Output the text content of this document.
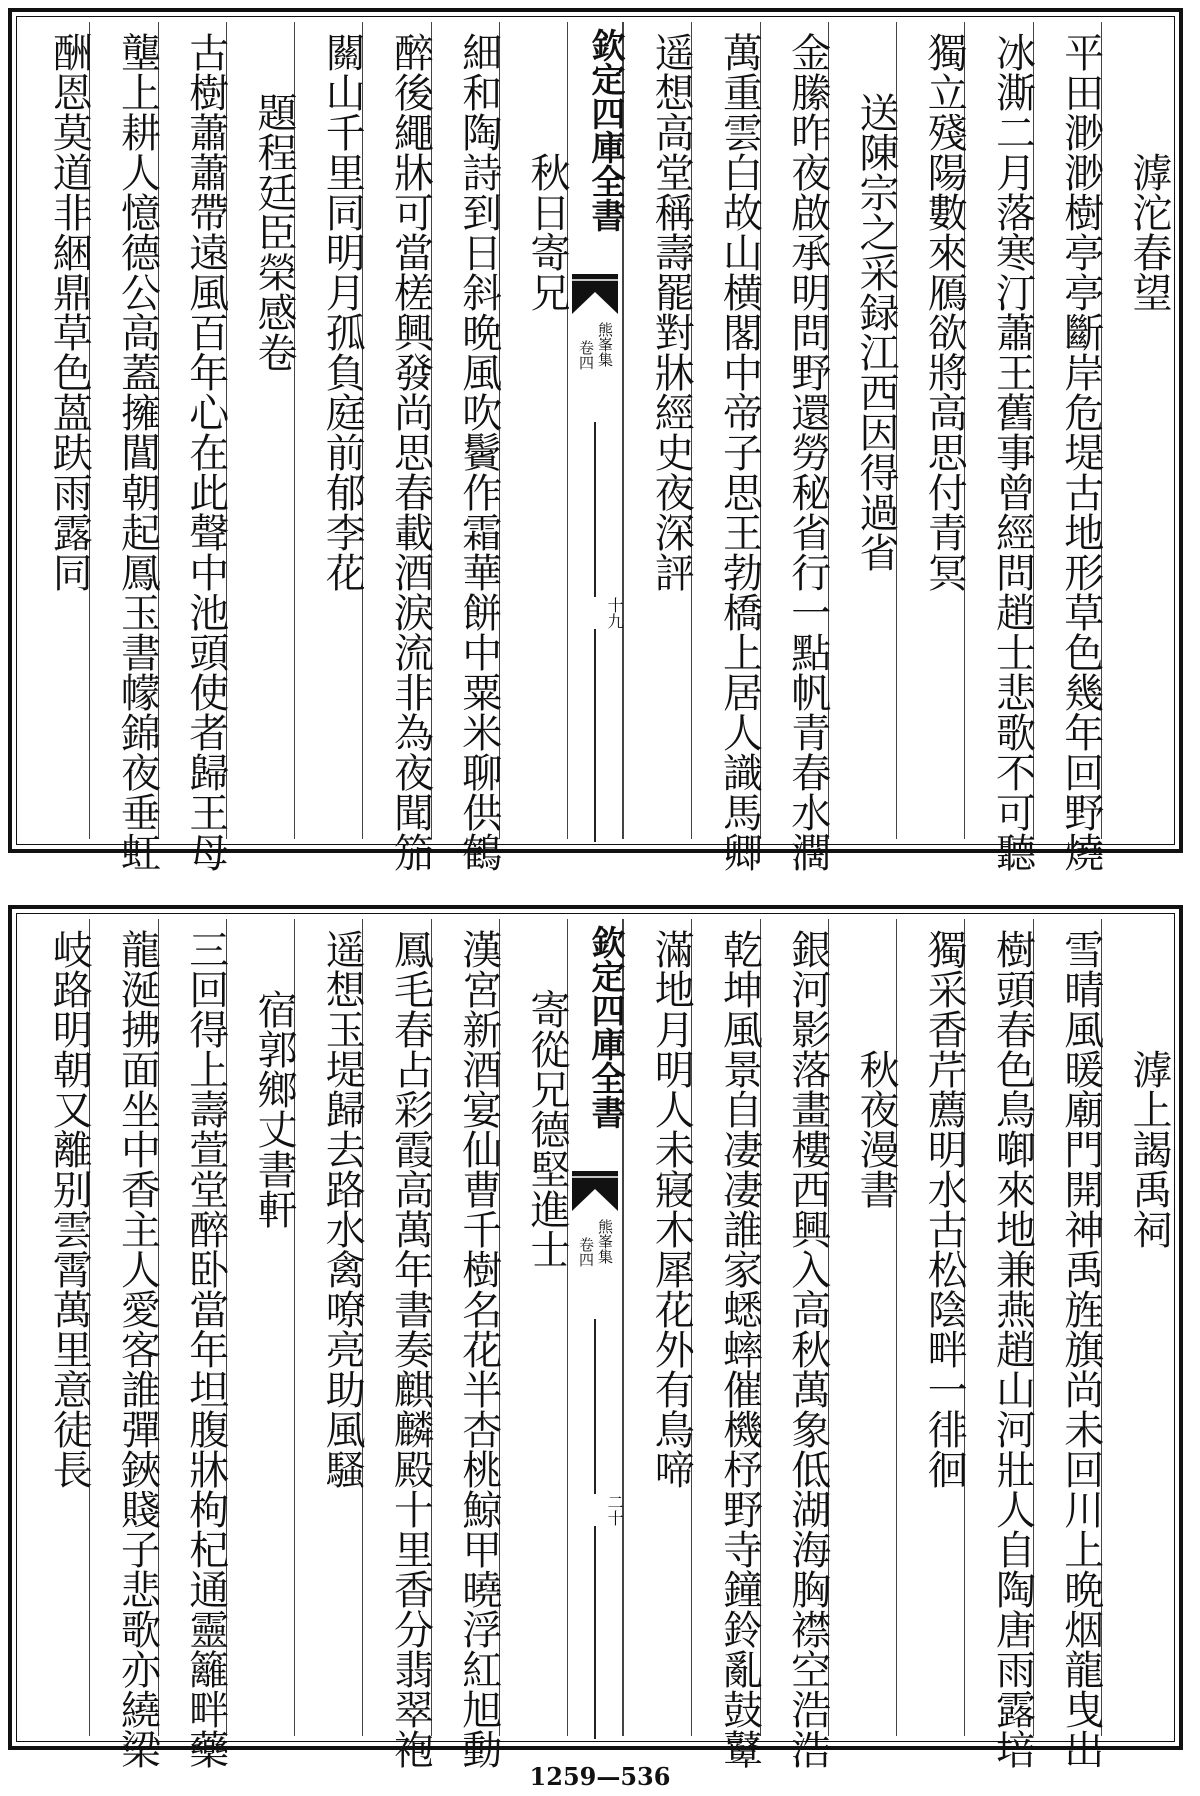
滹沱春望
平田渺渺樹亭亭斷岸危堤古地形草色幾年回野燒
冰澌二月落寒汀蕭王舊事曾經問趙士悲歌不可聽
獨立殘陽數來鴈欲將高思付青冥
送陳宗之采録江西因得過省
金縢昨夜啟承明問野還勞秘省行一點帆青春水濶
萬重雲白故山横閣中帝子思王勃橋上居人識馬卿
遥想高堂稱壽罷對牀經史夜深評
欽定四庫全書
熊峯集
卷四
十九
秋日寄兄
細和陶詩到日斜晩風吹鬢作霜華餅中粟米聊供鶴
醉後繩牀可當槎興發尚思春載酒淚流非為夜聞笳
關山千里同明月孤負庭前郁李花
題程廷臣榮感卷
古樹蕭蕭帶遠風百年心在此聲中池頭使者歸王母
壟上耕人憶德公高蓋擁閶朝起鳳玉書幪錦夜垂虹
酬恩莫道非綑鼎草色蒕趺雨露同
滹上謁禹祠
雪晴風暖廟門開神禹旌旗尚未回川上晩烟龍曳出
樹頭春色鳥啣來地兼燕趙山河壯人自陶唐雨露培
獨采香芹薦明水古松陰畔一徘徊
秋夜漫書
銀河影落畫樓西興入高秋萬象低湖海胸襟空浩浩
乾坤風景自凄凄誰家蟋蟀催機杼野寺鐘鈴亂鼓鼙
滿地月明人未寢木犀花外有鳥啼
欽定四庫全書
熊峯集
卷四
二十
寄從兄德堅進士
漢宮新酒宴仙曹千樹名花半杏桃鯨甲曉浮紅旭動
鳳毛春占彩霞高萬年書奏麒麟殿十里香分翡翠袍
遥想玉堤歸去路水禽嘹亮助風騷
宿郭鄉丈書軒
三回得上壽萱堂醉卧當年坦腹牀枸杞通靈籬畔藥
龍涎拂面坐中香主人愛客誰彈鋏賤子悲歌亦繞梁
岐路明朝又離别雲霄萬里意徒長
1259—536
